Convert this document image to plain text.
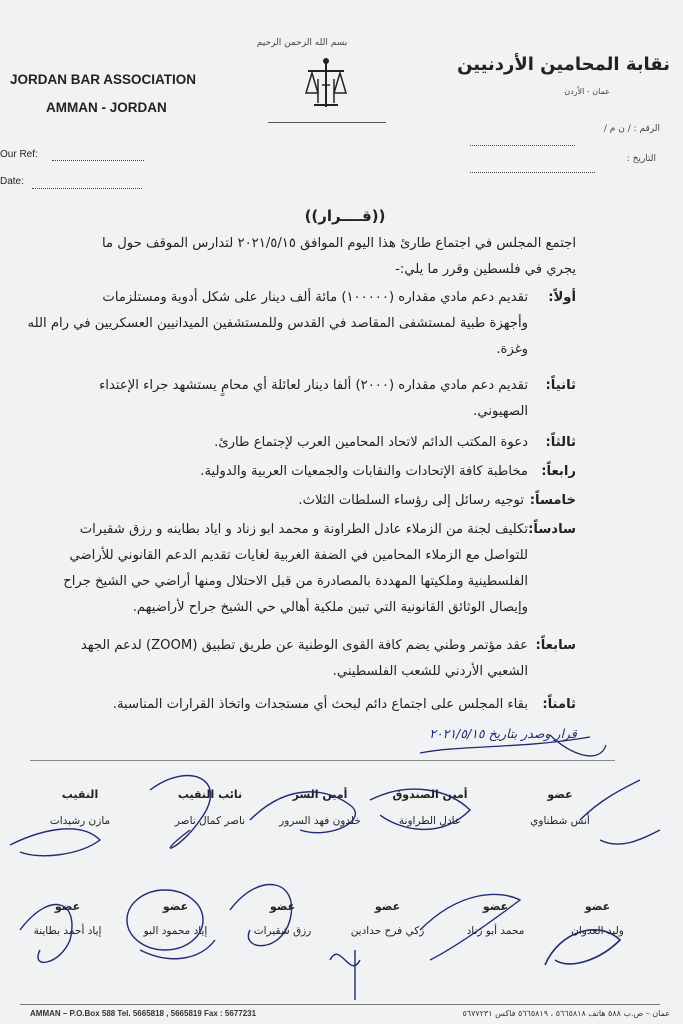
JORDAN BAR ASSOCIATION
AMMAN - JORDAN
بسم الله الرحمن الرحيم
نقابة المحامين الأردنيين
عمان - الأردن
Our Ref:
Date:
الرقم : / ن م /
التاريخ :
((قــــرار))
اجتمع المجلس في اجتماع طارئ هذا اليوم الموافق ٢٠٢١/٥/١٥ لتدارس الموقف حول ما
يجري في فلسطين وقرر ما يلي:-
أولاً:
تقديم دعم مادي مقداره (١٠٠٠٠٠) مائة ألف دينار على شكل أدوية ومستلزمات
وأجهزة طبية لمستشفى المقاصد في القدس وللمستشفين الميدانيين العسكريين في رام الله
وغزة.
ثانياً:
تقديم دعم مادي مقداره (٢٠٠٠) ألفا دينار لعائلة أي محامٍ يستشهد جراء الإعتداء
الصهيوني.
ثالثاً:
دعوة المكتب الدائم لاتحاد المحامين العرب لإجتماع طارئ.
رابعاً:
مخاطبة كافة الإتحادات والنقابات والجمعيات العربية والدولية.
خامساً:
توجيه رسائل إلى رؤساء السلطات الثلاث.
سادساً:
تكليف لجنة من الزملاء عادل الطراونة و محمد ابو زناد و اياد بطاينه و رزق شقيرات
للتواصل مع الزملاء المحامين في الضفة الغربية لغايات تقديم الدعم القانوني للأراضي
الفلسطينية وملكيتها المهددة بالمصادرة من قبل الاحتلال ومنها أراضي حي الشيخ جراح
وإيصال الوثائق القانونية التي تبين ملكية أهالي حي الشيخ جراح لأراضيهم.
سابعاً:
عقد مؤتمر وطني يضم كافة القوى الوطنية عن طريق تطبيق (ZOOM) لدعم الجهد
الشعبي الأردني للشعب الفلسطيني.
ثامناً:
بقاء المجلس على اجتماع دائم لبحث أي مستجدات واتخاذ القرارات المناسبة.
قرار وصدر بتاريخ ٢٠٢١/٥/١٥
النقيب
مازن رشيدات
نائب النقيب
ناصر كمال ناصر
أمين السر
خلدون فهد السرور
أمين الصندوق
عادل الطراونة
عضو
أنس شطناوي
عضو
إياد أحمد بطاينة
عضو
إياد محمود البو
عضو
رزق شقيرات
عضو
زكي فرح حدادين
عضو
محمد أبو زناد
عضو
وليد العدوان
AMMAN – P.O.Box 588 Tel. 5665818 , 5665819 Fax : 5677231	عمان – ص.ب ٥٨٨ هاتف ٥٦٦٥٨١٨ ، ٥٦٦٥٨١٩ فاكس ٥٦٧٧٢٣١
